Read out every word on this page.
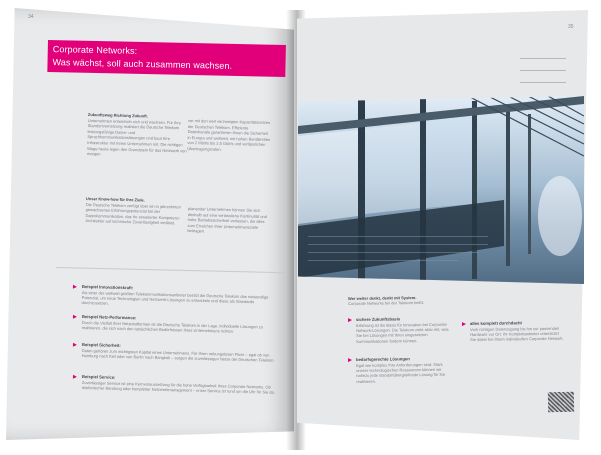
34
Corporate Networks:
Was wächst, soll auch zusammen wachsen.
Zukunftsweg Richtung Zukunft.
Unternehmen entwickeln sich und wachsen. Für Ihre Standortvernetzung realisiert die Deutsche Telekom leistungsfähige Daten- und Sprachkommunikationslösungen und baut Ihre Infrastruktur mit Ihrem Unternehmen mit. Die richtigen Wege heute legen den Grundstein für das Netzwerk von morgen.
vor mit den weit verzweigten Kapazitätsnetzen der Deutschen Telekom. Effiziente Datenkanäle garantieren Ihnen die Sicherheit in Europa und weltweit, mit hohen Bandbreiten von 2 Mbit/s bis 2,5 Gbit/s und verlässlichen Übertragungsraten.
Unser Know-how für Ihre Ziele.
Die Deutsche Telekom verfügt über ein in jahrzehnten gewachsenes Erfahrungspotenzial bei der Datenkommunikation, das Ihr erweiterter Kompetenz-Architektur auf technische Zuverlässigkeit verlässt.
planender Unternehmen können Sie sich deshalb auf eine verlässliche Kontinuität und hohe Betriebssicherheit verlassen, die alles zum Erreichen Ihrer Unternehmensziele beitragen.
Beispiel Innovationskraft:
Als einer der weltweit größten Telekommunikationsanbieter besitzt die Deutsche Telekom das notwendige Potenzial, um neue Technologien und Netzwerk-Lösungen zu entwickeln und diese als Standards durchzusetzen.
Beispiel Netz-Performance:
Durch die Vielfalt ihrer Netzplattformen ist die Deutsche Telekom in der Lage, individuelle Lösungen zu realisieren, die sich nach den tatsächlichen Bedürfnissen Ihres Unternehmens richten.
Beispiel Sicherheit:
Daten gehören zum wichtigsten Kapital eines Unternehmens. Für Ihren reibungslosen Fluss – egal ob von Hamburg nach Kiel oder von Berlin nach Bangkok – sorgen die zuverlässigen Netze der Deutschen Telekom.
Beispiel Service:
Zuverlässiger Service ist eine Kernvoraussetzung für die hohe Verfügbarkeit Ihres Corporate Networks. Ob telefonischer Beratung oder kompletter Netzwerkmanagement – unser Service ist rund um die Uhr für Sie da.
35
Wer weiter denkt, denkt mit System.
Corporate Networks bei der Telekom heißt:
sichere Zukunftsbasis
Erfahrung ist die Basis für Innovation bei Corporate Network-Lösungen. Die Telekom zieht aktiv mit, was Sie bei Lösungen mit Ihren eingesetzten Kommunikationen fordern können.
bedarfsgerechte Lösungen
Egal wie komplex Ihre Anforderungen sind: Stark unsere technologischen Ressourcen können wir nahezu jede standortübergreifende Lösung für Sie realisieren.
alles komplett durchdacht
Vom richtigen Datenzugang bis hin zur passenden Hardware vor Ort. Ihr Komplettanbieter unterstützt Sie dabei bei Ihrem individuellen Corporate Network.
